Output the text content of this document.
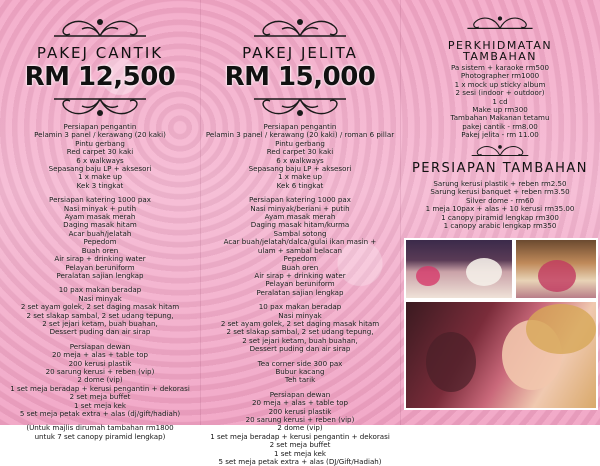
PAKEJ CANTIK
RM 12,500
Persiapan pengantin
Pelamin 3 panel / kerawang (20 kaki)
Pintu gerbang
Red carpet 30 kaki
6 x walkways
Sepasang baju LP + aksesori
1 x make up
Kek 3 tingkat
Persiapan katering 1000 pax
Nasi minyak + putih
Ayam masak merah
Daging masak hitam
Acar buah/jelatah
Pepedom
Buah oren
Air sirap + drinking water
Pelayan beruniform
Peralatan sajian lengkap
10 pax makan beradap
Nasi minyak
2 set ayam golek, 2 set daging masak hitam
2 set slakap sambal, 2 set udang tepung,
2 set jejari ketam, buah buahan,
Dessert puding dan air sirap
Persiapan dewan
20 meja + alas + table top
200 kerusi plastik
20 sarung kerusi + reben (vip)
2 dome (vip)
1 set meja beradap + kerusi pengantin + dekorasi
2 set meja buffet
1 set meja kek
5 set meja petak extra + alas (dj/gift/hadiah)
(Untuk majlis dirumah tambahan rm1800
untuk 7 set canopy piramid lengkap)
PAKEJ JELITA
RM 15,000
Persiapan pengantin
Pelamin 3 panel / kerawang (20 kaki) / roman 6 pillar
Pintu gerbang
Red carpet 30 kaki
6 x walkways
Sepasang baju LP + aksesori
1 x make up
Kek 6 tingkat
Persiapan katering 1000 pax
Nasi minyak/beriani + putih
Ayam masak merah
Daging masak hitam/kurma
Sambal sotong
Acar buah/jelatah/dalca/gulai ikan masin +
ulam + sambal belacan
Pepedom
Buah oren
Air sirap + drinking water
Pelayan beruniform
Peralatan sajian lengkap
10 pax makan beradap
Nasi minyak
2 set ayam golek, 2 set daging masak hitam
2 set slakap sambal, 2 set udang tepung,
2 set jejari ketam, buah buahan,
Dessert puding dan air sirap
Tea corner side 300 pax
Bubur kacang
Teh tarik
Persiapan dewan
20 meja + alas + table top
200 kerusi plastik
20 sarung kerusi + reben (vip)
2 dome (vip)
1 set meja beradap + kerusi pengantin + dekorasi
2 set meja buffet
1 set meja kek
5 set meja petak extra + alas (DJ/Gift/Hadiah)
PERKHIDMATAN
TAMBAHAN
Pa sistem + karaoke rm500
Photographer rm1000
1 x mock up sticky album
2 sesi (indoor + outdoor)
1 cd
Make up rm300
Tambahan Makanan tetamu
pakej cantik - rm8.00
Pakej jelita - rm 11.00
PERSIAPAN TAMBAHAN
Sarung kerusi plastik + reben rm2.50
Sarung kerusi banquet + reben rm3.50
Silver dome - rm60
1 meja 10pax + alas + 10 kerusi rm35.00
1 canopy piramid lengkap rm300
1 canopy arabic lengkap rm350
